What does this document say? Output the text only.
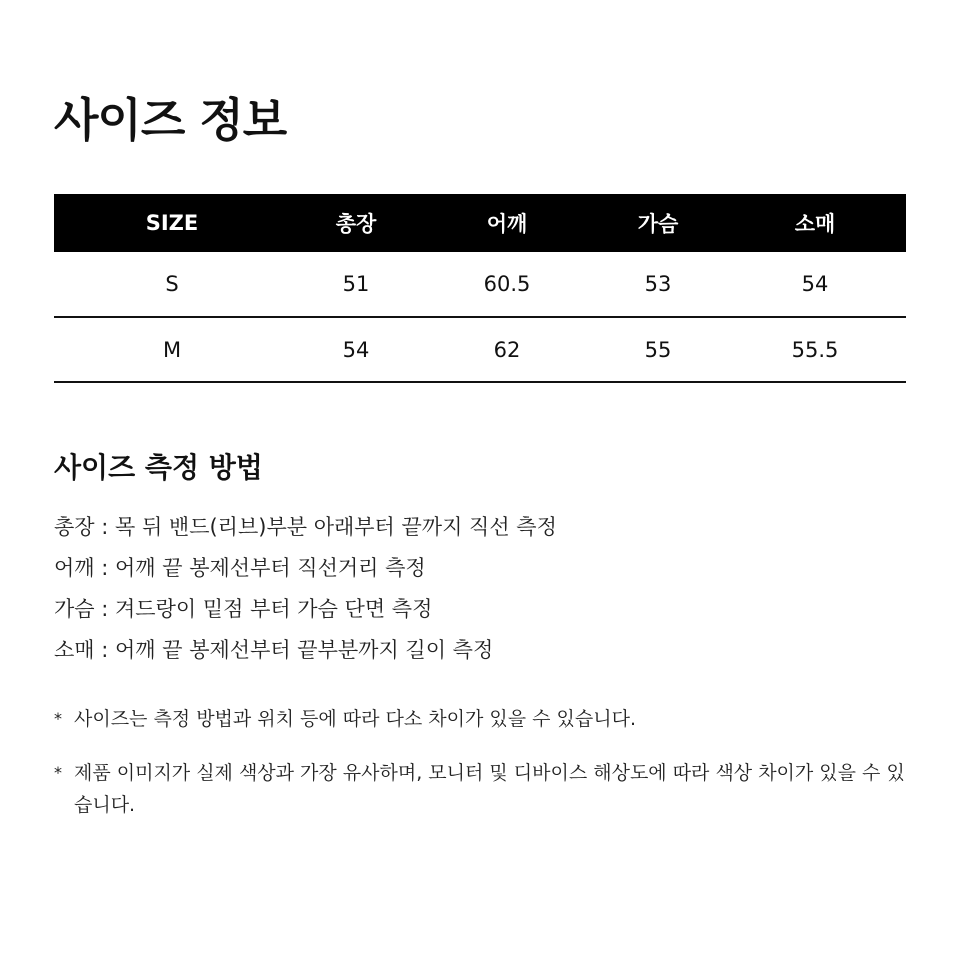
사이즈 정보
SIZE	총장	어깨	가슴	소매
S	51	60.5	53	54
M	54	62	55	55.5
사이즈 측정 방법
총장 : 목 뒤 밴드(리브)부분 아래부터 끝까지 직선 측정
어깨 : 어깨 끝 봉제선부터 직선거리 측정
가슴 : 겨드랑이 밑점 부터 가슴 단면 측정
소매 : 어깨 끝 봉제선부터 끝부분까지 길이 측정
* 사이즈는 측정 방법과 위치 등에 따라 다소 차이가 있을 수 있습니다.
* 제품 이미지가 실제 색상과 가장 유사하며, 모니터 및 디바이스 해상도에 따라 색상 차이가 있을 수 있습니다.
